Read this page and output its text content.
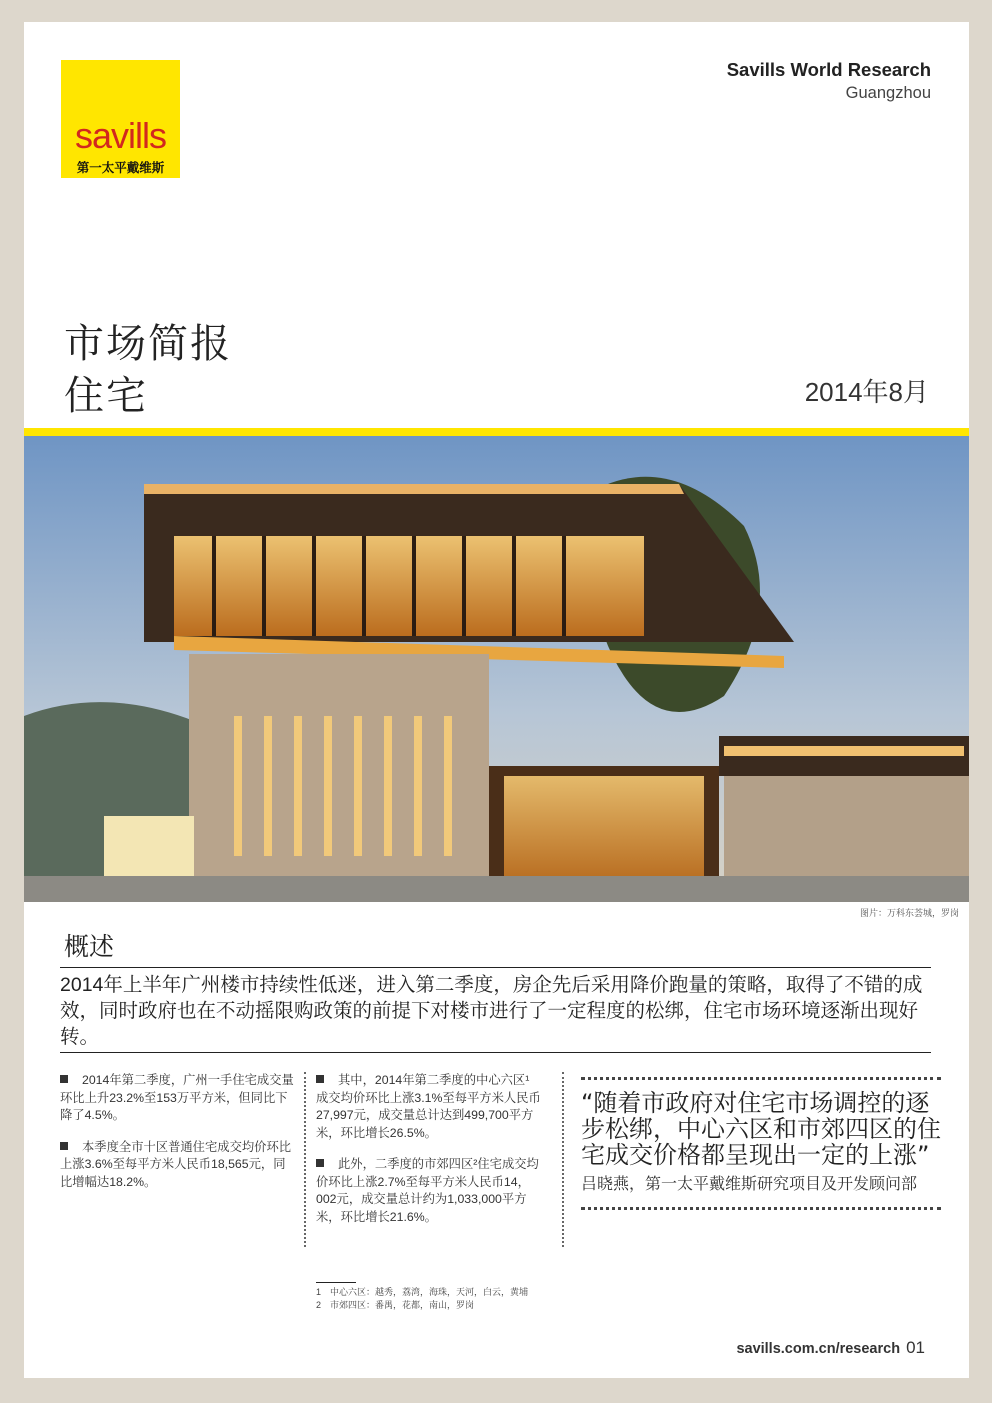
savills
第一太平戴维斯
Savills World Research
Guangzhou
市场简报
住宅	2014年8月
图片：万科东荟城，罗岗
概述
2014年上半年广州楼市持续性低迷，进入第二季度，房企先后采用降价跑量的策略，取得了不错的成效，同时政府也在不动摇限购政策的前提下对楼市进行了一定程度的松绑，住宅市场环境逐渐出现好转。

2014年第二季度，广州一手住宅成交量环比上升23.2%至153万平方米，但同比下降了4.5%。

本季度全市十区普通住宅成交均价环比上涨3.6%至每平方米人民币18,565元，同比增幅达18.2%。

其中，2014年第二季度的中心六区¹成交均价环比上涨3.1%至每平方米人民币27,997元，成交量总计达到499,700平方米，环比增长26.5%。

此外，二季度的市郊四区²住宅成交均价环比上涨2.7%至每平方米人民币14，002元，成交量总计约为1,033,000平方米，环比增长21.6%。

“随着市政府对住宅市场调控的逐步松绑，中心六区和市郊四区的住宅成交价格都呈现出一定的上涨” 吕晓燕，第一太平戴维斯研究项目及开发顾问部
1　中心六区：越秀，荔湾，海珠，天河，白云，黄埔
2　市郊四区：番禺，花都，南山，罗岗
savills.com.cn/research 01
